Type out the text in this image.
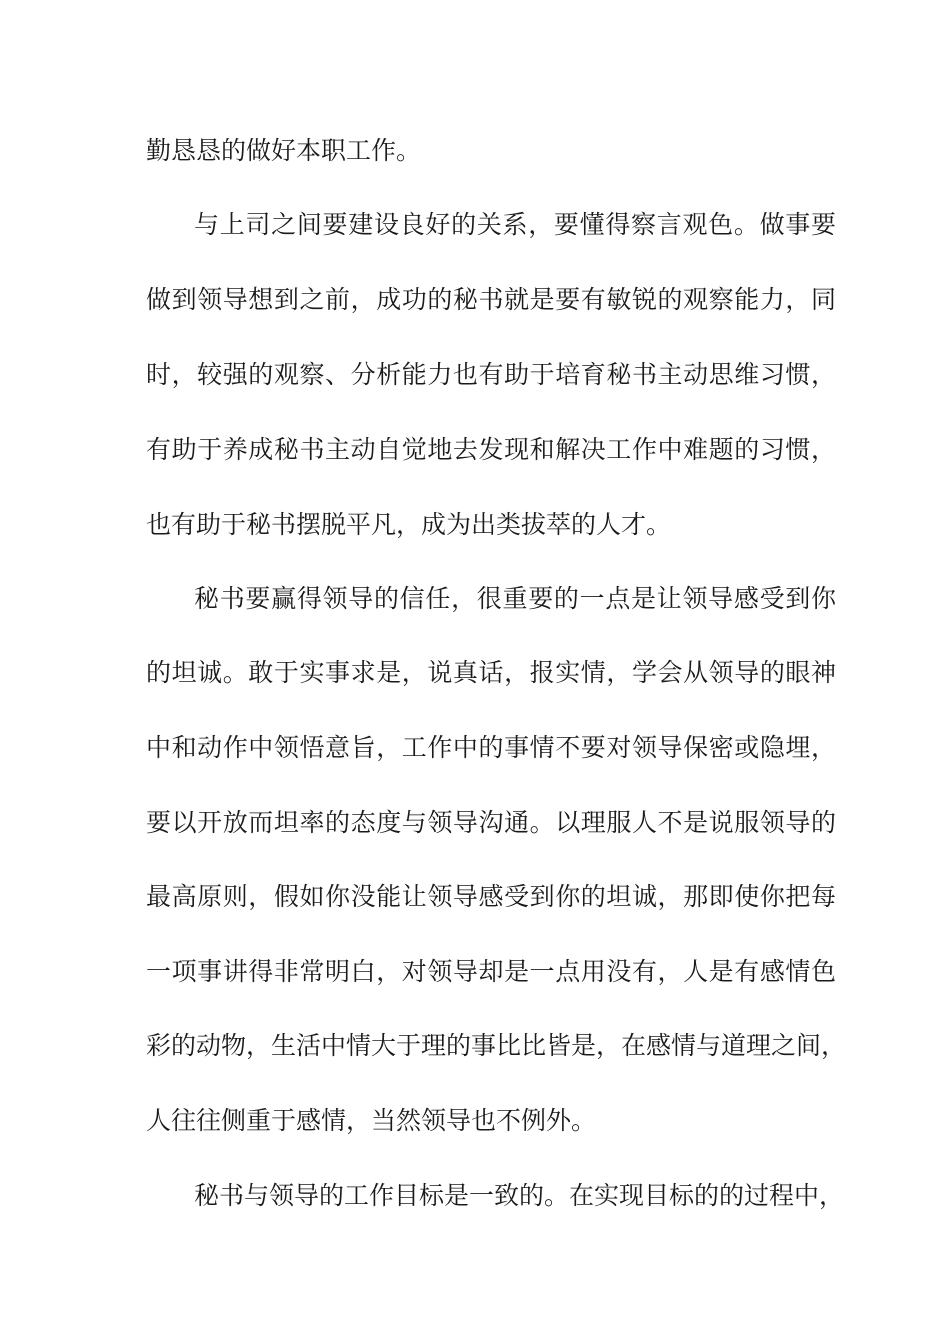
勤恳恳的做好本职工作。
与上司之间要建设良好的关系，要懂得察言观色。做事要
做到领导想到之前，成功的秘书就是要有敏锐的观察能力，同
时，较强的观察、分析能力也有助于培育秘书主动思维习惯，
有助于养成秘书主动自觉地去发现和解决工作中难题的习惯，
也有助于秘书摆脱平凡，成为出类拔萃的人才。
秘书要赢得领导的信任，很重要的一点是让领导感受到你
的坦诚。敢于实事求是，说真话，报实情，学会从领导的眼神
中和动作中领悟意旨，工作中的事情不要对领导保密或隐埋，
要以开放而坦率的态度与领导沟通。以理服人不是说服领导的
最高原则，假如你没能让领导感受到你的坦诚，那即使你把每
一项事讲得非常明白，对领导却是一点用没有，人是有感情色
彩的动物，生活中情大于理的事比比皆是，在感情与道理之间，
人往往侧重于感情，当然领导也不例外。
秘书与领导的工作目标是一致的。在实现目标的的过程中，
